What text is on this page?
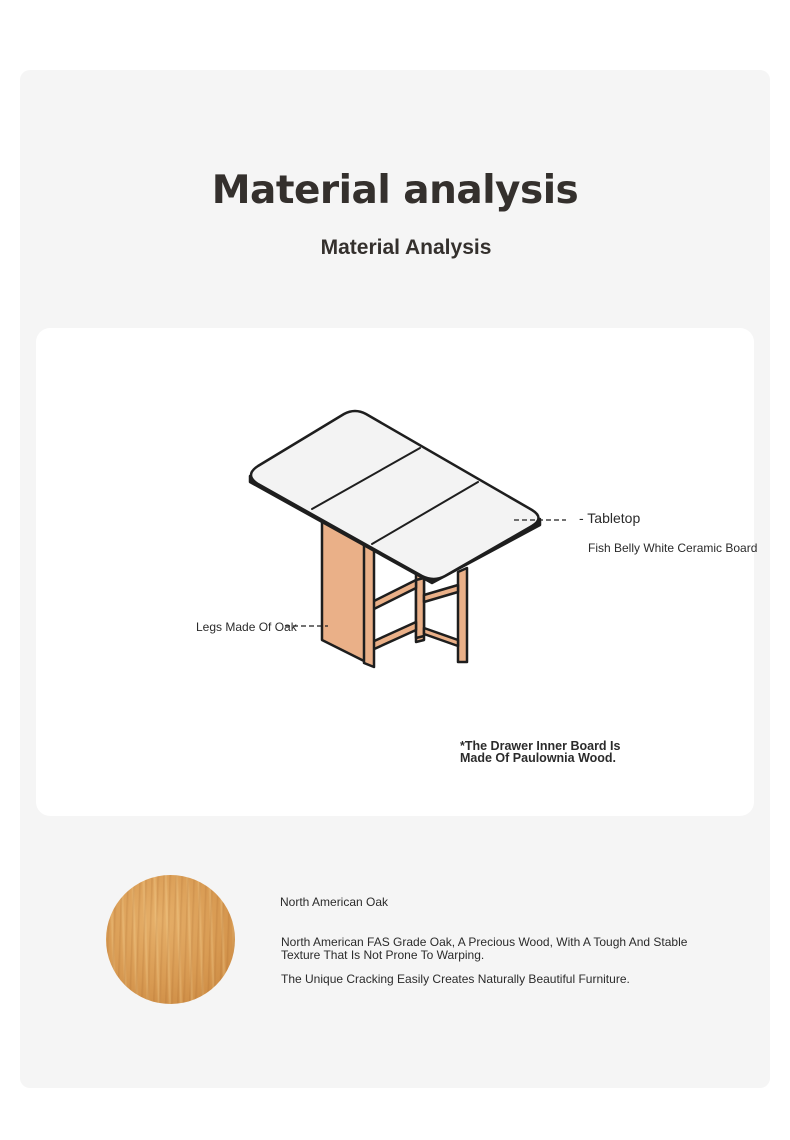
Material analysis
Material Analysis
- Tabletop
Fish Belly White Ceramic Board
Legs Made Of Oak
*The Drawer Inner Board Is
Made Of Paulownia Wood.
North American Oak
North American FAS Grade Oak, A Precious Wood, With A Tough And Stable
Texture That Is Not Prone To Warping.
The Unique Cracking Easily Creates Naturally Beautiful Furniture.
